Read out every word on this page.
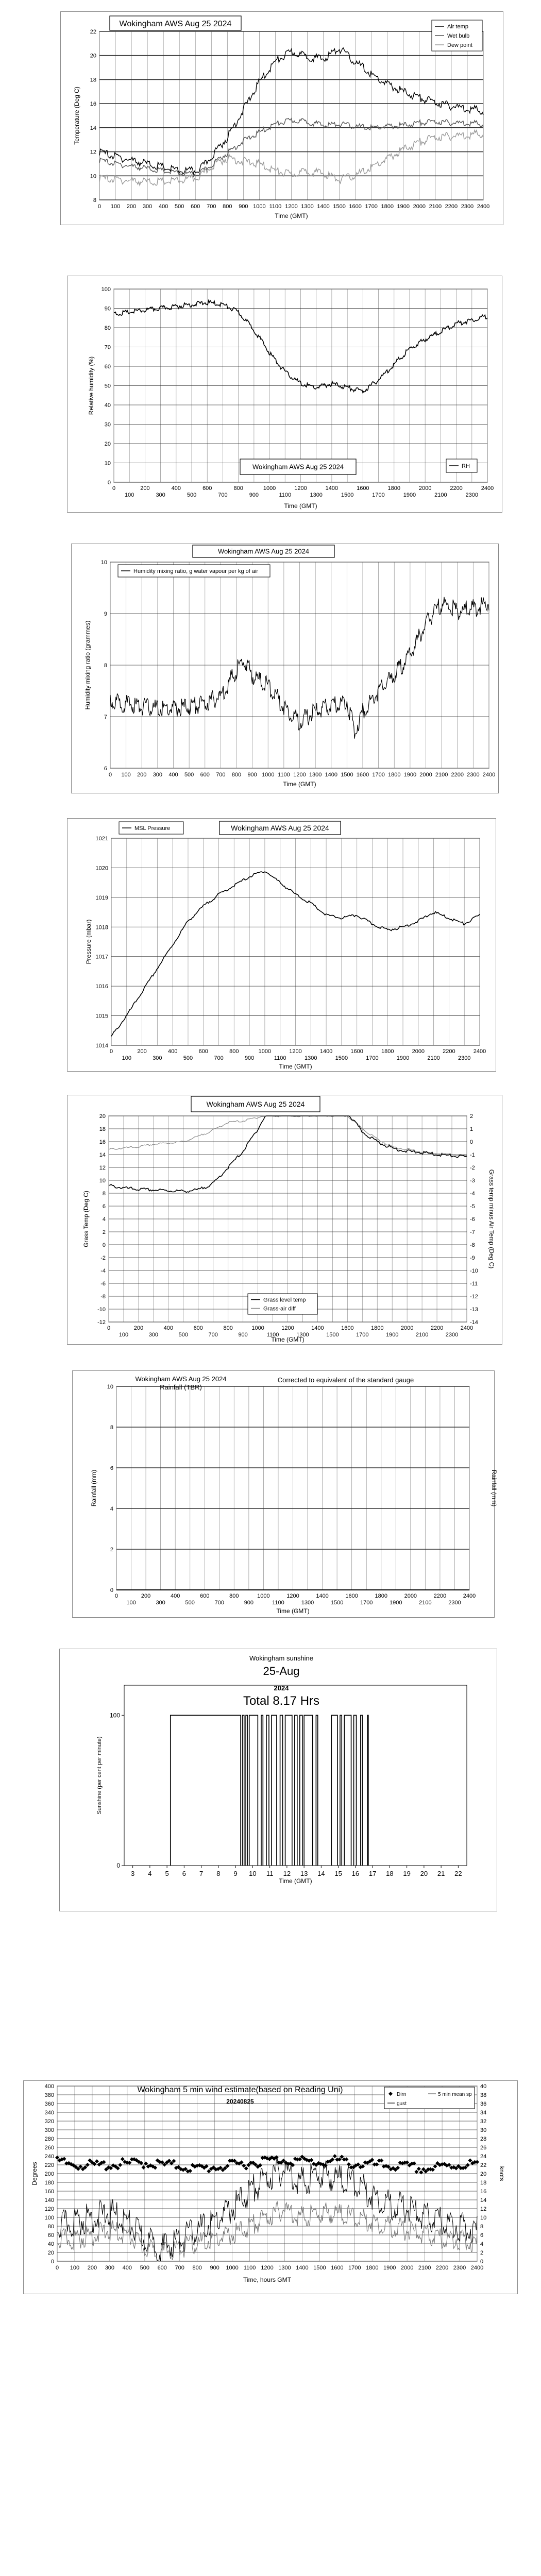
8
10
12
14
16
18
20
22
0 100 200 300 400 500 600 700 800 900 1000 1100 1200 1300 1400 1500 1600 1700 1800 1900 2000 2100 2200 2300 2400
Time (GMT)
Temperature (Deg C)
Wokingham AWS Aug 25 2024	Air temp
Wet bulb
Dew point
0
10
20
30
40
50
60
70
80
90
100
0	200	400	600	800	1000	1200	1400	1600	1800	2000	2200	2400
100	300	500	700	900	1100	1300	1500	1700	1900	2100	2300
Time (GMT)
Relative humidity (%)
Wokingham AWS Aug 25 2024	RH
6
7
8
9
10
0 100 200 300 400 500 600 700 800 900 1000 1100 1200 1300 1400 1500 1600 1700 1800 1900 2000 2100 2200 2300 2400
Time (GMT)
Humidity mixing ratio (grammes)
Wokingham AWS Aug 25 2024
Humidity mixing ratio, g water vapour per kg of air
1014
1015
1016
1017
1018
1019
1020
1021
0	200	400	600	800	1000	1200	1400	1600	1800	2000	2200	2400
100	300	500	700	900	1100	1300	1500	1700	1900	2100	2300
Time (GMT)
Pressure (mbar)
Wokingham AWS Aug 25 2024
MSL Pressure
-12
-10
-8
-6
-4
-2
0
2
4
6
8
10
12
14
16
18
20
-14
-13
-12
-11
-10
-9
-8
-7
-6
-5
-4
-3
-2
-1
0
1
2
0	200	400	600	800	1000	1200	1400	1600	1800	2000	2200	2400
100	300	500	700	900	1100	1300	1500	1700	1900	2100	2300
Time (GMT)
Grass Temp (Deg C)	Grass temp minus Air Temp (Deg C)
Wokingham AWS Aug 25 2024
Grass level temp
Grass-air diff
0
2
4
6
8
10
0	200	400	600	800	1000	1200	1400	1600	1800	2000	2200	2400
100	300	500	700	900	1100	1300	1500	1700	1900	2100	2300
Time (GMT)
Rainfall (mm)	Rainfall (mm)
Wokingham AWS Aug 25 2024
Rainfall (TBR)
Corrected to equivalent of the standard gauge
0
100
3 4 5 6 7 8 9 10 11 12 13 14 15 16 17 18 19 20 21 22
Sunshine (per cent per minute)
Time (GMT)
Wokingham sunshine
25-Aug
2024
Total 8.17 Hrs
0
20
40
60
80
100
120
140
160
180
200
220
240
260
280
300
320
340
360
380
400
0
2
4
6
8
10
12
14
16
18
20
22
24
26
28
30
32
34
36
38
40
0 100 200 300 400 500 600 700 800 900 1000 1100 1200 1300 1400 1500 1600 1700 1800 1900 2000 2100 2200 2300 2400
Time, hours GMT
Degrees	knots
Wokingham 5 min wind estimate(based on Reading Uni)
20240825
Dirn	5 min mean sp
gust
